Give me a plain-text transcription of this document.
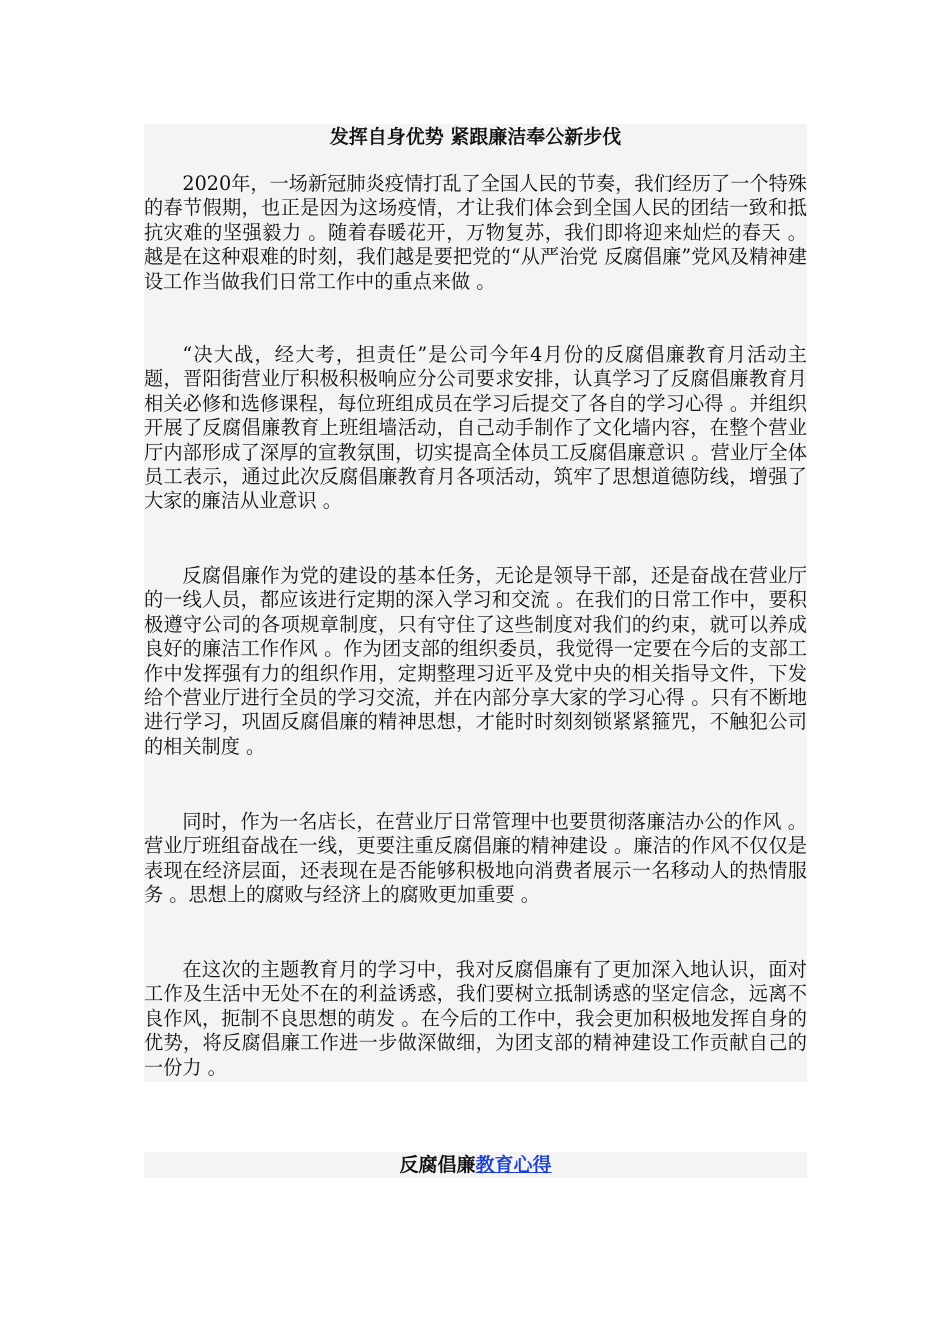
发挥自身优势 紧跟廉洁奉公新步伐

2020年，一场新冠肺炎疫情打乱了全国人民的节奏，我们经历了一个特殊的春节假期，也正是因为这场疫情，才让我们体会到全国人民的团结一致和抵抗灾难的坚强毅力 。随着春暖花开，万物复苏，我们即将迎来灿烂的春天 。越是在这种艰难的时刻，我们越是要把党的“从严治党 反腐倡廉”党风及精神建设工作当做我们日常工作中的重点来做 。

“决大战，经大考，担责任”是公司今年4月份的反腐倡廉教育月活动主题，晋阳街营业厅积极积极响应分公司要求安排，认真学习了反腐倡廉教育月相关必修和选修课程，每位班组成员在学习后提交了各自的学习心得 。并组织开展了反腐倡廉教育上班组墙活动，自己动手制作了文化墙内容，在整个营业厅内部形成了深厚的宣教氛围，切实提高全体员工反腐倡廉意识 。营业厅全体员工表示，通过此次反腐倡廉教育月各项活动，筑牢了思想道德防线，增强了大家的廉洁从业意识 。

反腐倡廉作为党的建设的基本任务，无论是领导干部，还是奋战在营业厅的一线人员，都应该进行定期的深入学习和交流 。在我们的日常工作中，要积极遵守公司的各项规章制度，只有守住了这些制度对我们的约束，就可以养成良好的廉洁工作作风 。作为团支部的组织委员，我觉得一定要在今后的支部工作中发挥强有力的组织作用，定期整理习近平及党中央的相关指导文件，下发给个营业厅进行全员的学习交流，并在内部分享大家的学习心得 。只有不断地进行学习，巩固反腐倡廉的精神思想，才能时时刻刻锁紧紧箍咒，不触犯公司的相关制度 。

同时，作为一名店长，在营业厅日常管理中也要贯彻落廉洁办公的作风 。营业厅班组奋战在一线，更要注重反腐倡廉的精神建设 。廉洁的作风不仅仅是表现在经济层面，还表现在是否能够积极地向消费者展示一名移动人的热情服务 。思想上的腐败与经济上的腐败更加重要 。

在这次的主题教育月的学习中，我对反腐倡廉有了更加深入地认识，面对工作及生活中无处不在的利益诱惑，我们要树立抵制诱惑的坚定信念，远离不良作风，扼制不良思想的萌发 。在今后的工作中，我会更加积极地发挥自身的优势，将反腐倡廉工作进一步做深做细，为团支部的精神建设工作贡献自己的一份力 。

反腐倡廉教育心得
